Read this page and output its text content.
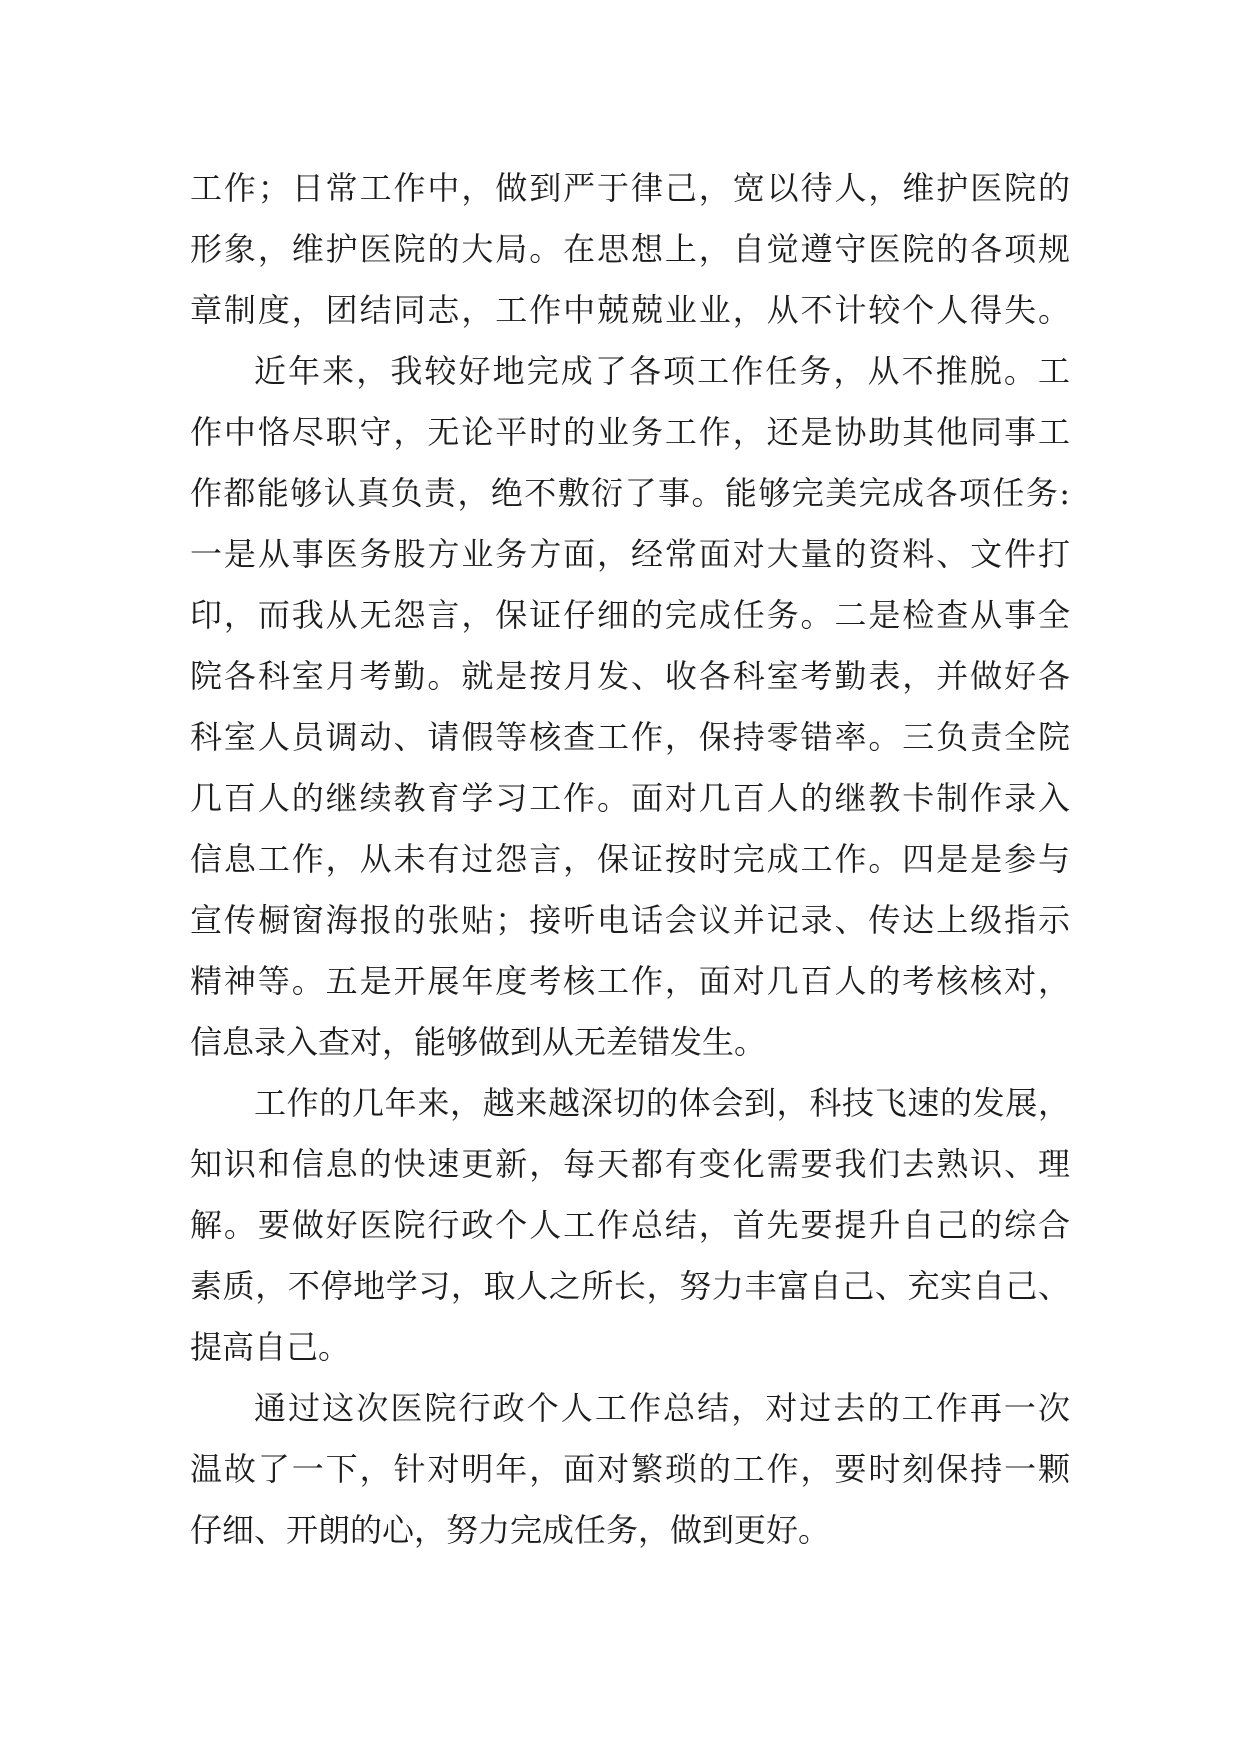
工作；日常工作中，做到严于律己，宽以待人，维护医院的
形象，维护医院的大局。在思想上，自觉遵守医院的各项规
章制度，团结同志，工作中兢兢业业，从不计较个人得失。
近年来，我较好地完成了各项工作任务，从不推脱。工
作中恪尽职守，无论平时的业务工作，还是协助其他同事工
作都能够认真负责，绝不敷衍了事。能够完美完成各项任务:
一是从事医务股方业务方面，经常面对大量的资料、文件打
印，而我从无怨言，保证仔细的完成任务。二是检查从事全
院各科室月考勤。就是按月发、收各科室考勤表，并做好各
科室人员调动、请假等核查工作，保持零错率。三负责全院
几百人的继续教育学习工作。面对几百人的继教卡制作录入
信息工作，从未有过怨言，保证按时完成工作。四是是参与
宣传橱窗海报的张贴；接听电话会议并记录、传达上级指示
精神等。五是开展年度考核工作，面对几百人的考核核对，
信息录入查对，能够做到从无差错发生。
工作的几年来，越来越深切的体会到，科技飞速的发展，
知识和信息的快速更新，每天都有变化需要我们去熟识、理
解。要做好医院行政个人工作总结，首先要提升自己的综合
素质，不停地学习，取人之所长，努力丰富自己、充实自己、
提高自己。
通过这次医院行政个人工作总结，对过去的工作再一次
温故了一下，针对明年，面对繁琐的工作，要时刻保持一颗
仔细、开朗的心，努力完成任务，做到更好。
